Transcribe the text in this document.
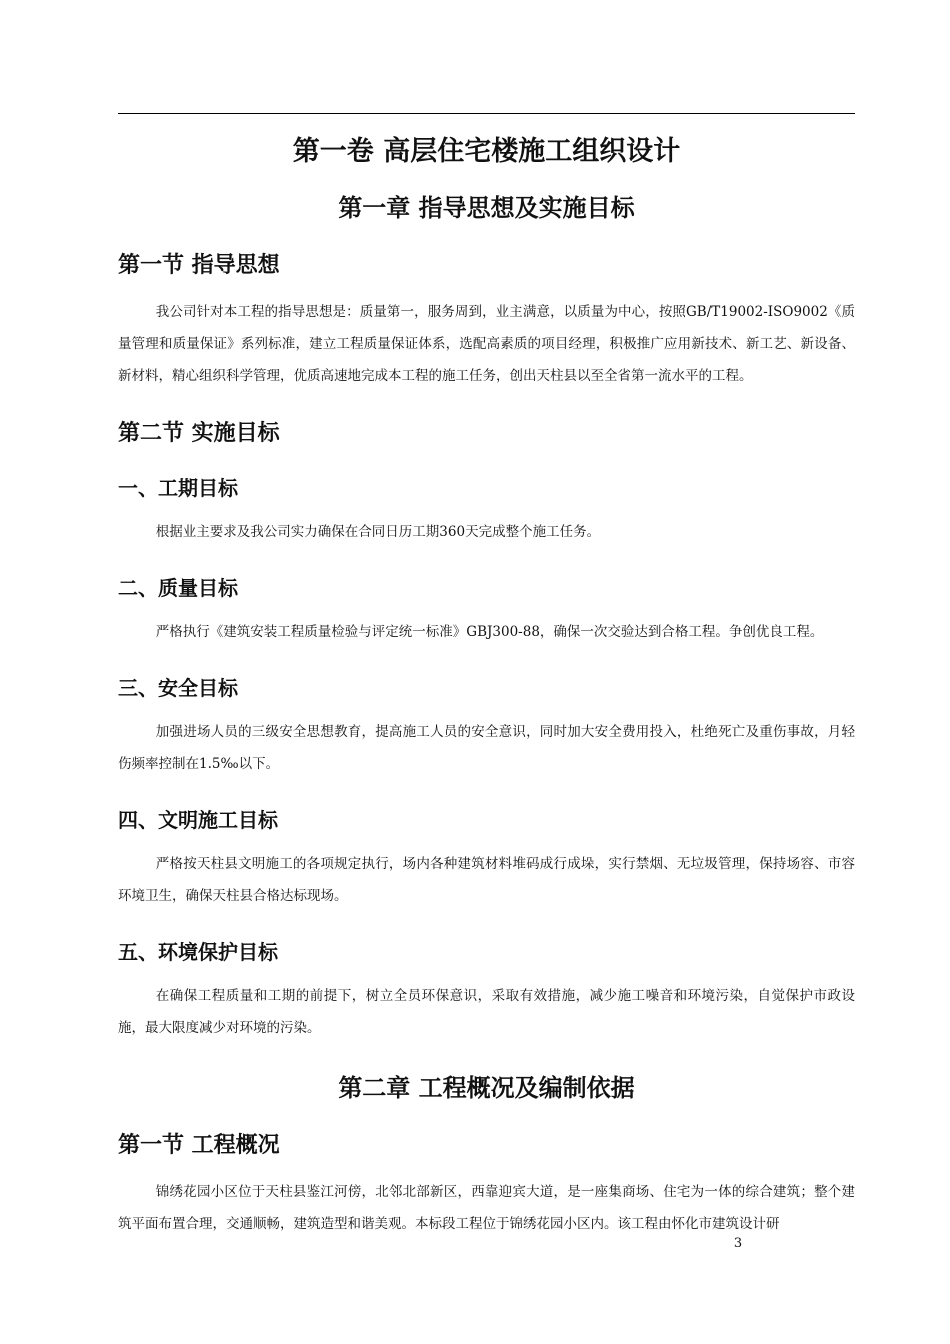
第一卷 高层住宅楼施工组织设计
第一章 指导思想及实施目标
第一节 指导思想

我公司针对本工程的指导思想是：质量第一，服务周到，业主满意，以质量为中心，按照GB/T19002-ISO9002《质量管理和质量保证》系列标准，建立工程质量保证体系，选配高素质的项目经理，积极推广应用新技术、新工艺、新设备、新材料，精心组织科学管理，优质高速地完成本工程的施工任务，创出天柱县以至全省第一流水平的工程。

第二节 实施目标
一、工期目标

根据业主要求及我公司实力确保在合同日历工期360天完成整个施工任务。

二、质量目标

严格执行《建筑安装工程质量检验与评定统一标准》GBJ300-88，确保一次交验达到合格工程。争创优良工程。

三、安全目标

加强进场人员的三级安全思想教育，提高施工人员的安全意识，同时加大安全费用投入，杜绝死亡及重伤事故，月轻伤频率控制在1.5‰以下。

四、文明施工目标

严格按天柱县文明施工的各项规定执行，场内各种建筑材料堆码成行成垛，实行禁烟、无垃圾管理，保持场容、市容环境卫生，确保天柱县合格达标现场。

五、环境保护目标

在确保工程质量和工期的前提下，树立全员环保意识，采取有效措施，减少施工噪音和环境污染，自觉保护市政设施，最大限度减少对环境的污染。

第二章 工程概况及编制依据
第一节 工程概况

锦绣花园小区位于天柱县鉴江河傍，北邻北部新区，西靠迎宾大道，是一座集商场、住宅为一体的综合建筑；整个建筑平面布置合理，交通顺畅，建筑造型和谐美观。本标段工程位于锦绣花园小区内。该工程由怀化市建筑设计研

3
